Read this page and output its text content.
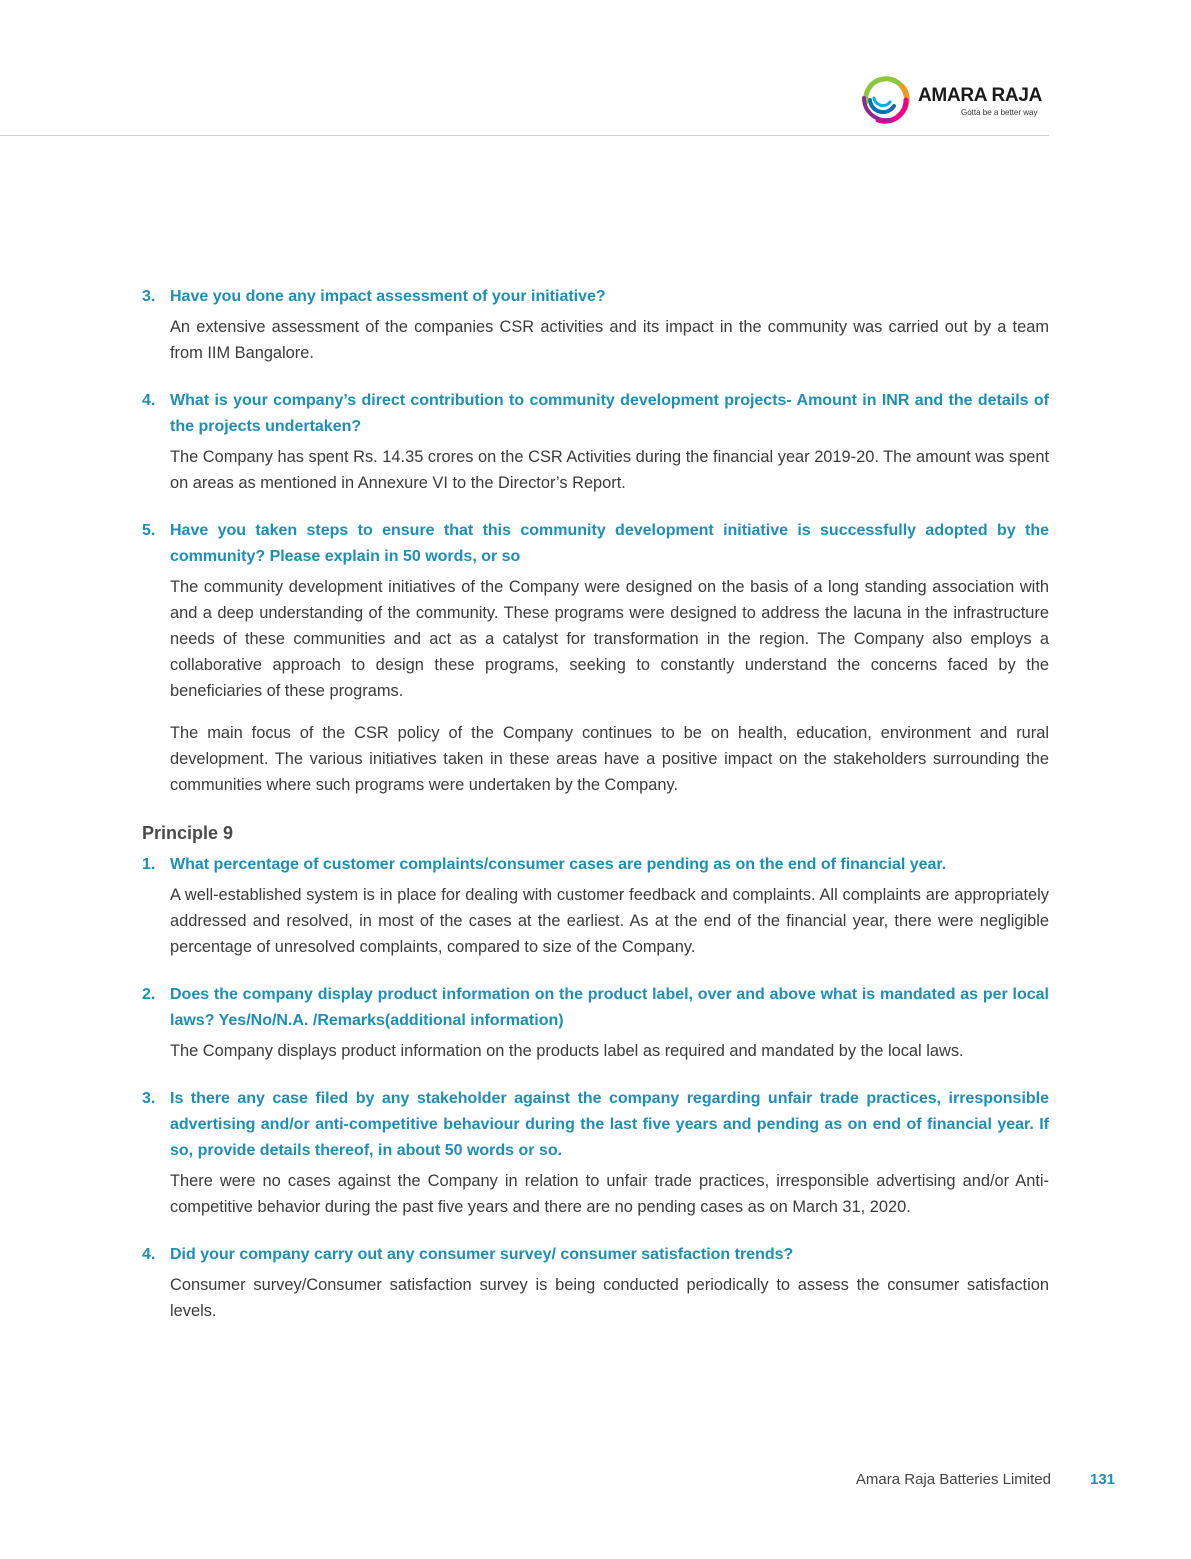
AMARA RAJA
Gotta be a better way
3. Have you done any impact assessment of your initiative?
An extensive assessment of the companies CSR activities and its impact in the community was carried out by a team from IIM Bangalore.
4. What is your company’s direct contribution to community development projects- Amount in INR and the details of the projects undertaken?
The Company has spent Rs. 14.35 crores on the CSR Activities during the financial year 2019-20. The amount was spent on areas as mentioned in Annexure VI to the Director’s Report.
5. Have you taken steps to ensure that this community development initiative is successfully adopted by the community? Please explain in 50 words, or so
The community development initiatives of the Company were designed on the basis of a long standing association with and a deep understanding of the community. These programs were designed to address the lacuna in the infrastructure needs of these communities and act as a catalyst for transformation in the region. The Company also employs a collaborative approach to design these programs, seeking to constantly understand the concerns faced by the beneficiaries of these programs.
The main focus of the CSR policy of the Company continues to be on health, education, environment and rural development. The various initiatives taken in these areas have a positive impact on the stakeholders surrounding the communities where such programs were undertaken by the Company.
Principle 9
1. What percentage of customer complaints/consumer cases are pending as on the end of financial year.
A well-established system is in place for dealing with customer feedback and complaints. All complaints are appropriately addressed and resolved, in most of the cases at the earliest. As at the end of the financial year, there were negligible percentage of unresolved complaints, compared to size of the Company.
2. Does the company display product information on the product label, over and above what is mandated as per local laws? Yes/No/N.A. /Remarks(additional information)
The Company displays product information on the products label as required and mandated by the local laws.
3. Is there any case filed by any stakeholder against the company regarding unfair trade practices, irresponsible advertising and/or anti-competitive behaviour during the last five years and pending as on end of financial year. If so, provide details thereof, in about 50 words or so.
There were no cases against the Company in relation to unfair trade practices, irresponsible advertising and/or Anti-competitive behavior during the past five years and there are no pending cases as on March 31, 2020.
4. Did your company carry out any consumer survey/ consumer satisfaction trends?
Consumer survey/Consumer satisfaction survey is being conducted periodically to assess the consumer satisfaction levels.
Amara Raja Batteries Limited	131
